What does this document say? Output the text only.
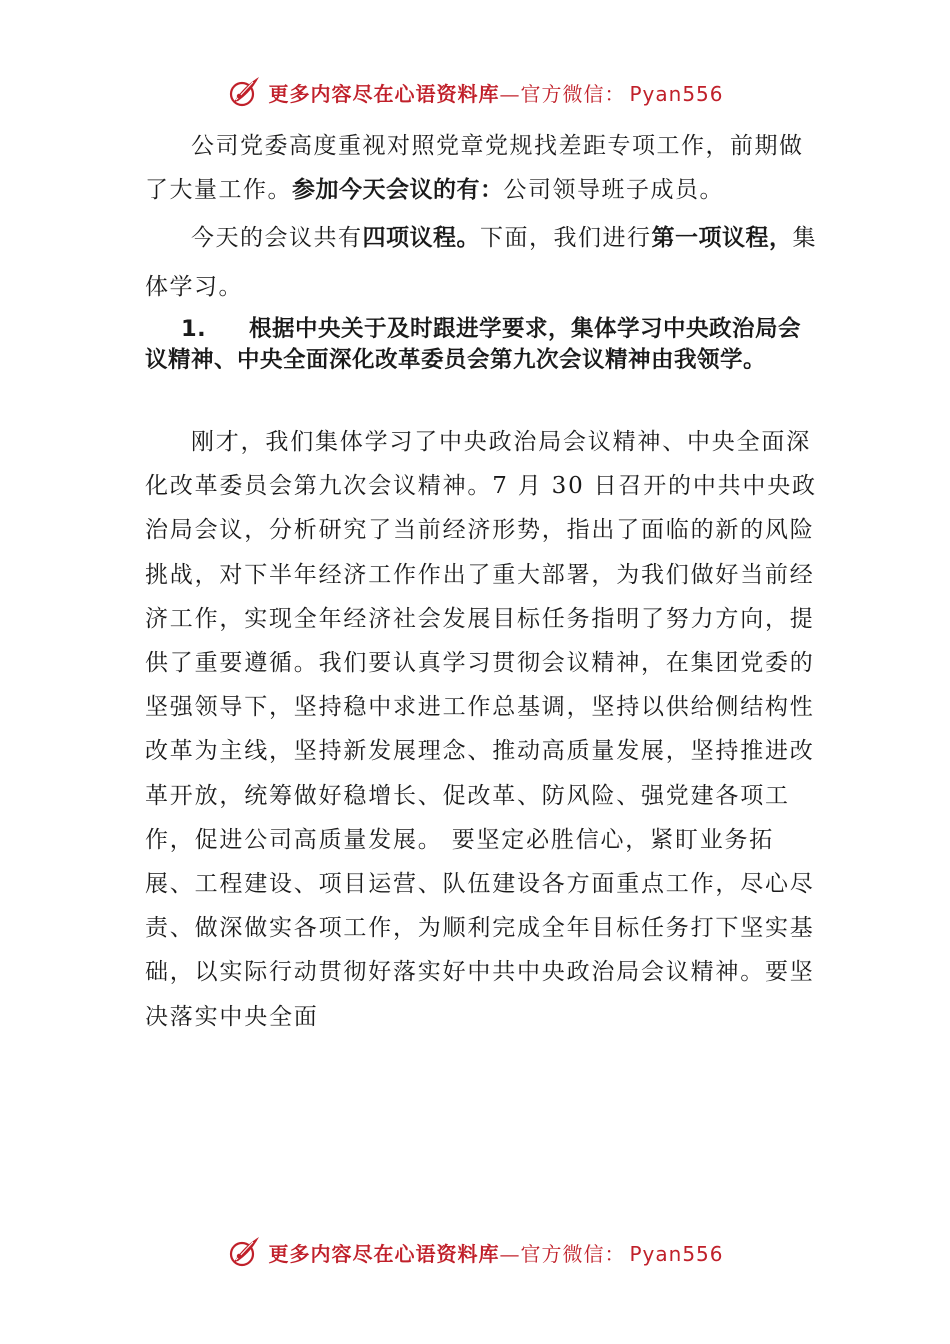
更多内容尽在心语资料库—官方微信： Pyan556

公司党委高度重视对照党章党规找差距专项工作，前期做了大量工作。参加今天会议的有：公司领导班子成员。

今天的会议共有四项议程。下面，我们进行第一项议程，集体学习。

1. 根据中央关于及时跟进学要求，集体学习中央政治局会议精神、中央全面深化改革委员会第九次会议精神由我领学。

刚才，我们集体学习了中央政治局会议精神、中央全面深化改革委员会第九次会议精神。7 月 30 日召开的中共中央政治局会议，分析研究了当前经济形势，指出了面临的新的风险挑战，对下半年经济工作作出了重大部署，为我们做好当前经济工作，实现全年经济社会发展目标任务指明了努力方向，提供了重要遵循。我们要认真学习贯彻会议精神，在集团党委的坚强领导下，坚持稳中求进工作总基调，坚持以供给侧结构性改革为主线，坚持新发展理念、推动高质量发展，坚持推进改革开放，统筹做好稳增长、促改革、防风险、强党建各项工作，促进公司高质量发展。 要坚定必胜信心，紧盯业务拓展、工程建设、项目运营、队伍建设各方面重点工作，尽心尽责、做深做实各项工作，为顺利完成全年目标任务打下坚实基础，以实际行动贯彻好落实好中共中央政治局会议精神。要坚决落实中央全面

更多内容尽在心语资料库—官方微信： Pyan556
